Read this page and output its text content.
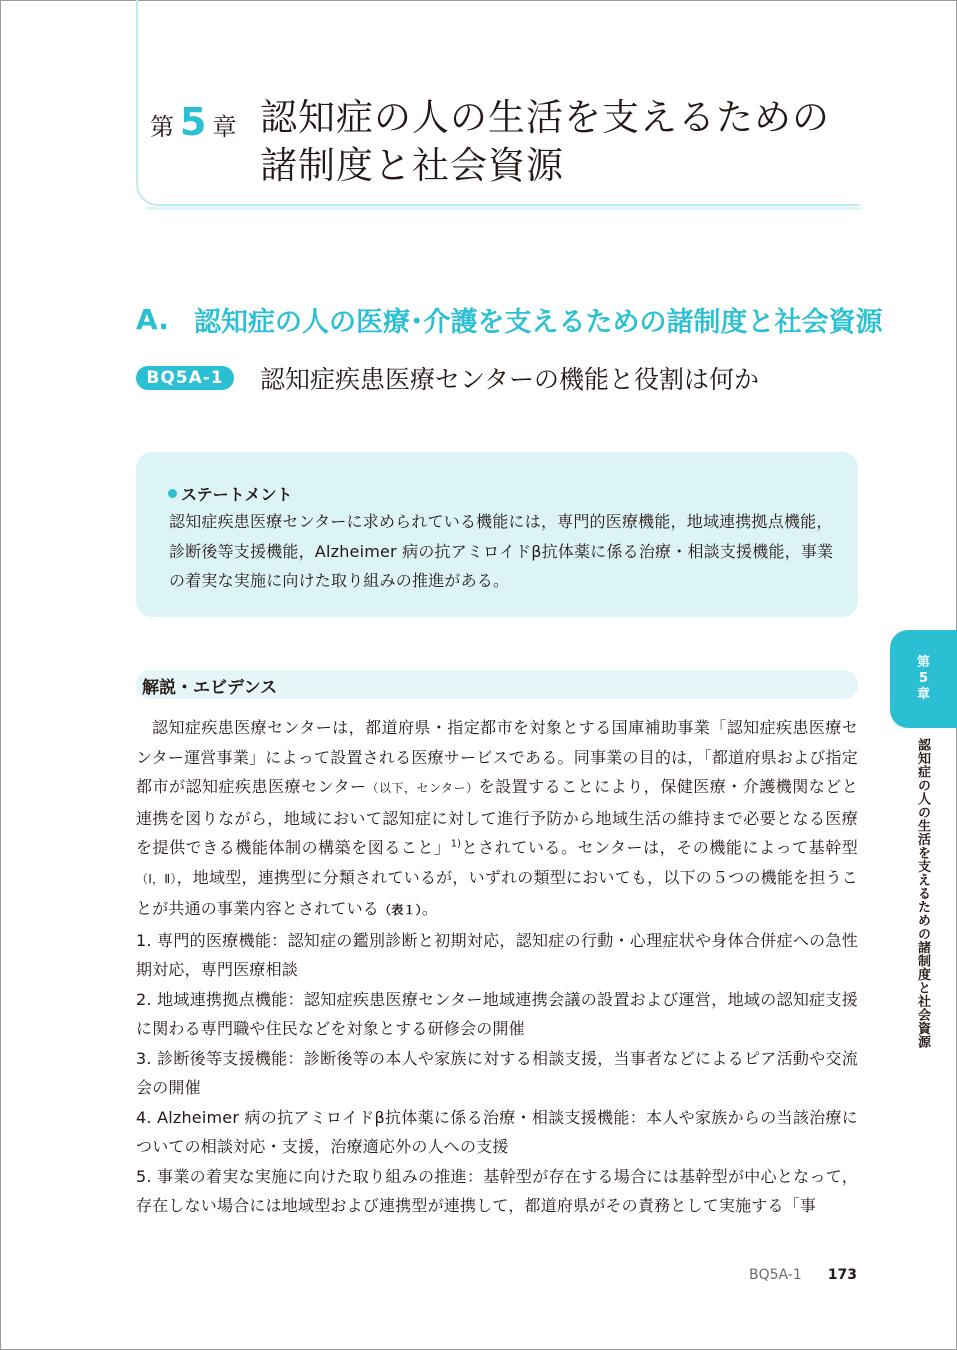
第 5 章 認知症の人の生活を支えるための
諸制度と社会資源
A. 認知症の人の医療･介護を支えるための諸制度と社会資源
BQ5A-1	認知症疾患医療センターの機能と役割は何か
ステートメント
認知症疾患医療センターに求められている機能には，専門的医療機能，地域連携拠点機能，診断後等支援機能，Alzheimer 病の抗アミロイドβ抗体薬に係る治療・相談支援機能，事業の着実な実施に向けた取り組みの推進がある。
解説・エビデンス

認知症疾患医療センターは，都道府県・指定都市を対象とする国庫補助事業「認知症疾患医療センター運営事業」によって設置される医療サービスである。同事業の目的は，「都道府県および指定都市が認知症疾患医療センター（以下，センター）を設置することにより，保健医療・介護機関などと連携を図りながら，地域において認知症に対して進行予防から地域生活の維持まで必要となる医療を提供できる機能体制の構築を図ること」$^{1)}$とされている。センターは，その機能によって基幹型（Ⅰ，Ⅱ），地域型，連携型に分類されているが，いずれの類型においても，以下の５つの機能を担うことが共通の事業内容とされている（表１）。

1. 専門的医療機能：認知症の鑑別診断と初期対応，認知症の行動・心理症状や身体合併症への急性期対応，専門医療相談

2. 地域連携拠点機能：認知症疾患医療センター地域連携会議の設置および運営，地域の認知症支援に関わる専門職や住民などを対象とする研修会の開催

3. 診断後等支援機能：診断後等の本人や家族に対する相談支援，当事者などによるピア活動や交流会の開催

4. Alzheimer 病の抗アミロイドβ抗体薬に係る治療・相談支援機能：本人や家族からの当該治療についての相談対応・支援，治療適応外の人への支援

5. 事業の着実な実施に向けた取り組みの推進：基幹型が存在する場合には基幹型が中心となって，存在しない場合には地域型および連携型が連携して，都道府県がその責務として実施する「事

第
5
章
認知症の人の生活を支えるための諸制度と社会資源
BQ5A-1 173
